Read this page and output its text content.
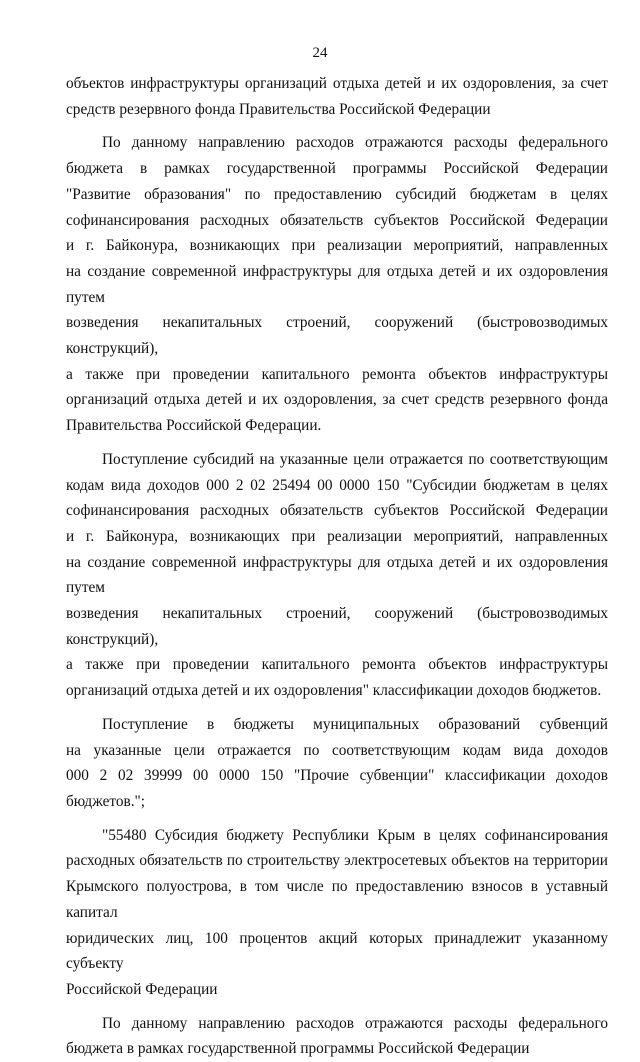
24
объектов инфраструктуры организаций отдыха детей и их оздоровления, за счет
средств резервного фонда Правительства Российской Федерации
По данному направлению расходов отражаются расходы федерального
бюджета в рамках государственной программы Российской Федерации
"Развитие образования" по предоставлению субсидий бюджетам в целях
софинансирования расходных обязательств субъектов Российской Федерации
и г. Байконура, возникающих при реализации мероприятий, направленных
на создание современной инфраструктуры для отдыха детей и их оздоровления путем
возведения некапитальных строений, сооружений (быстровозводимых конструкций),
а также при проведении капитального ремонта объектов инфраструктуры
организаций отдыха детей и их оздоровления, за счет средств резервного фонда
Правительства Российской Федерации.
Поступление субсидий на указанные цели отражается по соответствующим
кодам вида доходов 000 2 02 25494 00 0000 150 "Субсидии бюджетам в целях
софинансирования расходных обязательств субъектов Российской Федерации
и г. Байконура, возникающих при реализации мероприятий, направленных
на создание современной инфраструктуры для отдыха детей и их оздоровления путем
возведения некапитальных строений, сооружений (быстровозводимых конструкций),
а также при проведении капитального ремонта объектов инфраструктуры
организаций отдыха детей и их оздоровления" классификации доходов бюджетов.
Поступление в бюджеты муниципальных образований субвенций
на указанные цели отражается по соответствующим кодам вида доходов
000 2 02 39999 00 0000 150 "Прочие субвенции" классификации доходов бюджетов.";
"55480 Субсидия бюджету Республики Крым в целях софинансирования
расходных обязательств по строительству электросетевых объектов на территории
Крымского полуострова, в том числе по предоставлению взносов в уставный капитал
юридических лиц, 100 процентов акций которых принадлежит указанному субъекту
Российской Федерации
По данному направлению расходов отражаются расходы федерального
бюджета в рамках государственной программы Российской Федерации
